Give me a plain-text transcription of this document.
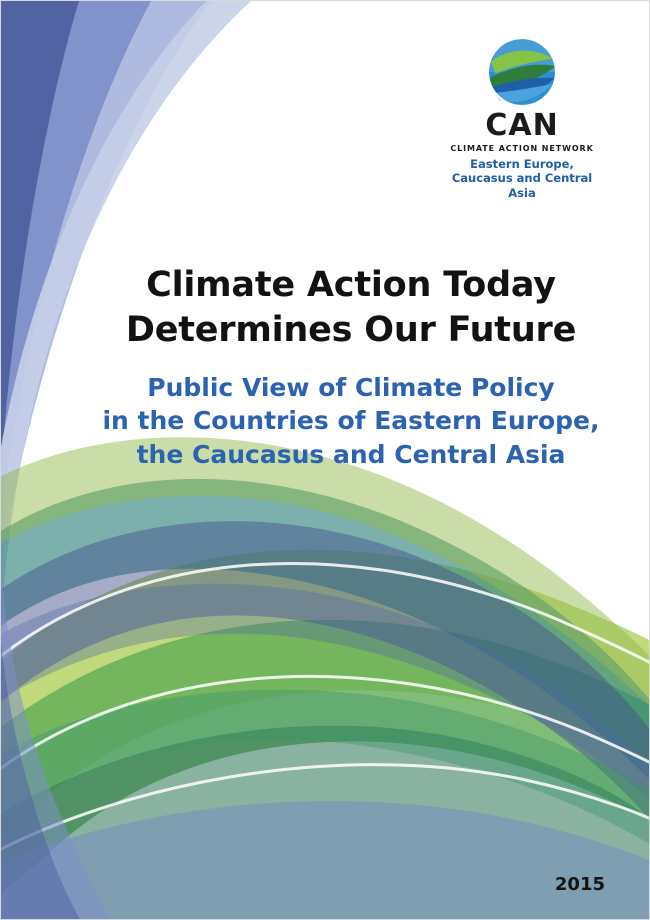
CAN
CLIMATE ACTION NETWORK
Eastern Europe,
Caucasus and Central
Asia
Climate Action Today
Determines Our Future
Public View of Climate Policy
in the Countries of Eastern Europe,
the Caucasus and Central Asia
2015
